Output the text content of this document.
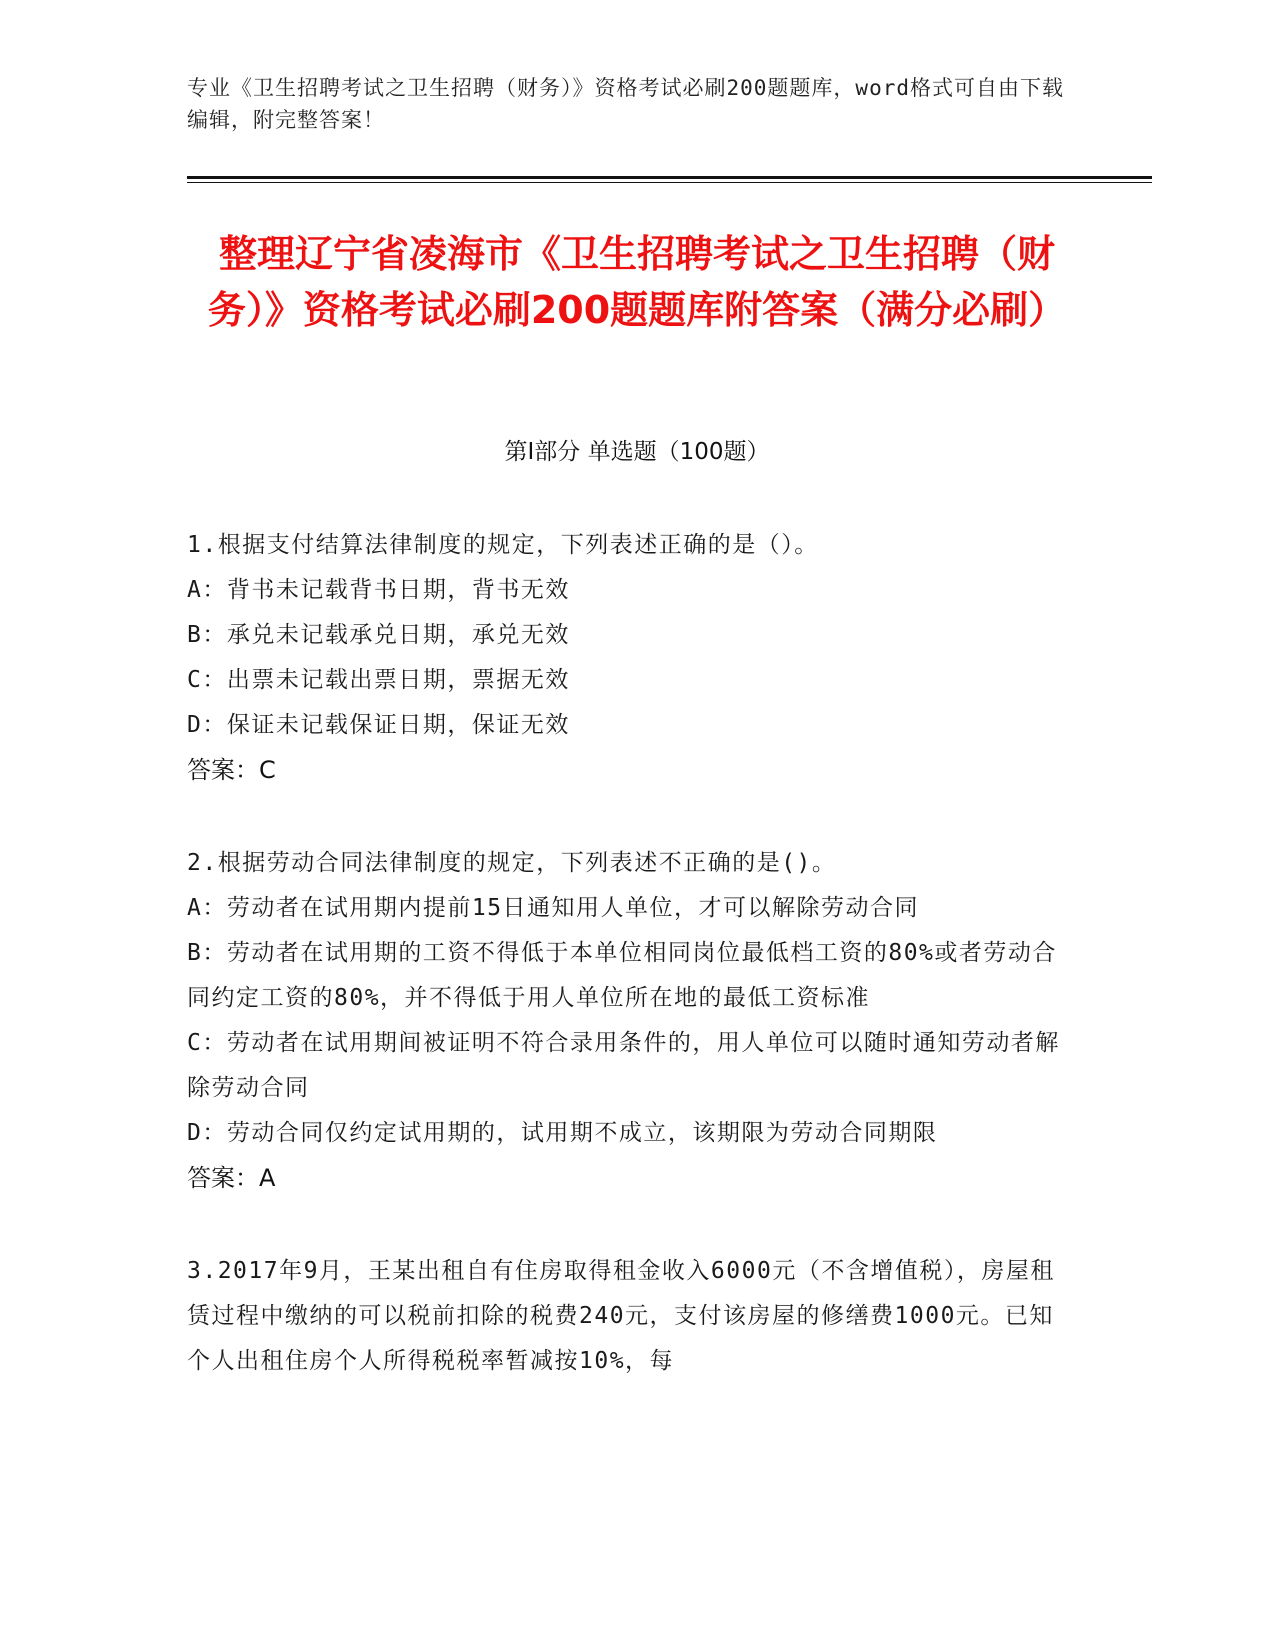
专业《卫生招聘考试之卫生招聘（财务）》资格考试必刷200题题库，word格式可自由下载编辑，附完整答案！
整理辽宁省凌海市《卫生招聘考试之卫生招聘（财务）》资格考试必刷200题题库附答案（满分必刷）
第Ⅰ部分 单选题（100题）
1.根据支付结算法律制度的规定，下列表述正确的是（）。
A：背书未记载背书日期，背书无效
B：承兑未记载承兑日期，承兑无效
C：出票未记载出票日期，票据无效
D：保证未记载保证日期，保证无效
答案：C
2.根据劳动合同法律制度的规定，下列表述不正确的是()。
A：劳动者在试用期内提前15日通知用人单位，才可以解除劳动合同
B：劳动者在试用期的工资不得低于本单位相同岗位最低档工资的80%或者劳动合同约定工资的80%，并不得低于用人单位所在地的最低工资标准
C：劳动者在试用期间被证明不符合录用条件的，用人单位可以随时通知劳动者解除劳动合同
D：劳动合同仅约定试用期的，试用期不成立，该期限为劳动合同期限
答案：A
3.2017年9月，王某出租自有住房取得租金收入6000元（不含增值税），房屋租赁过程中缴纳的可以税前扣除的税费240元，支付该房屋的修缮费1000元。已知个人出租住房个人所得税税率暂减按10%，每
